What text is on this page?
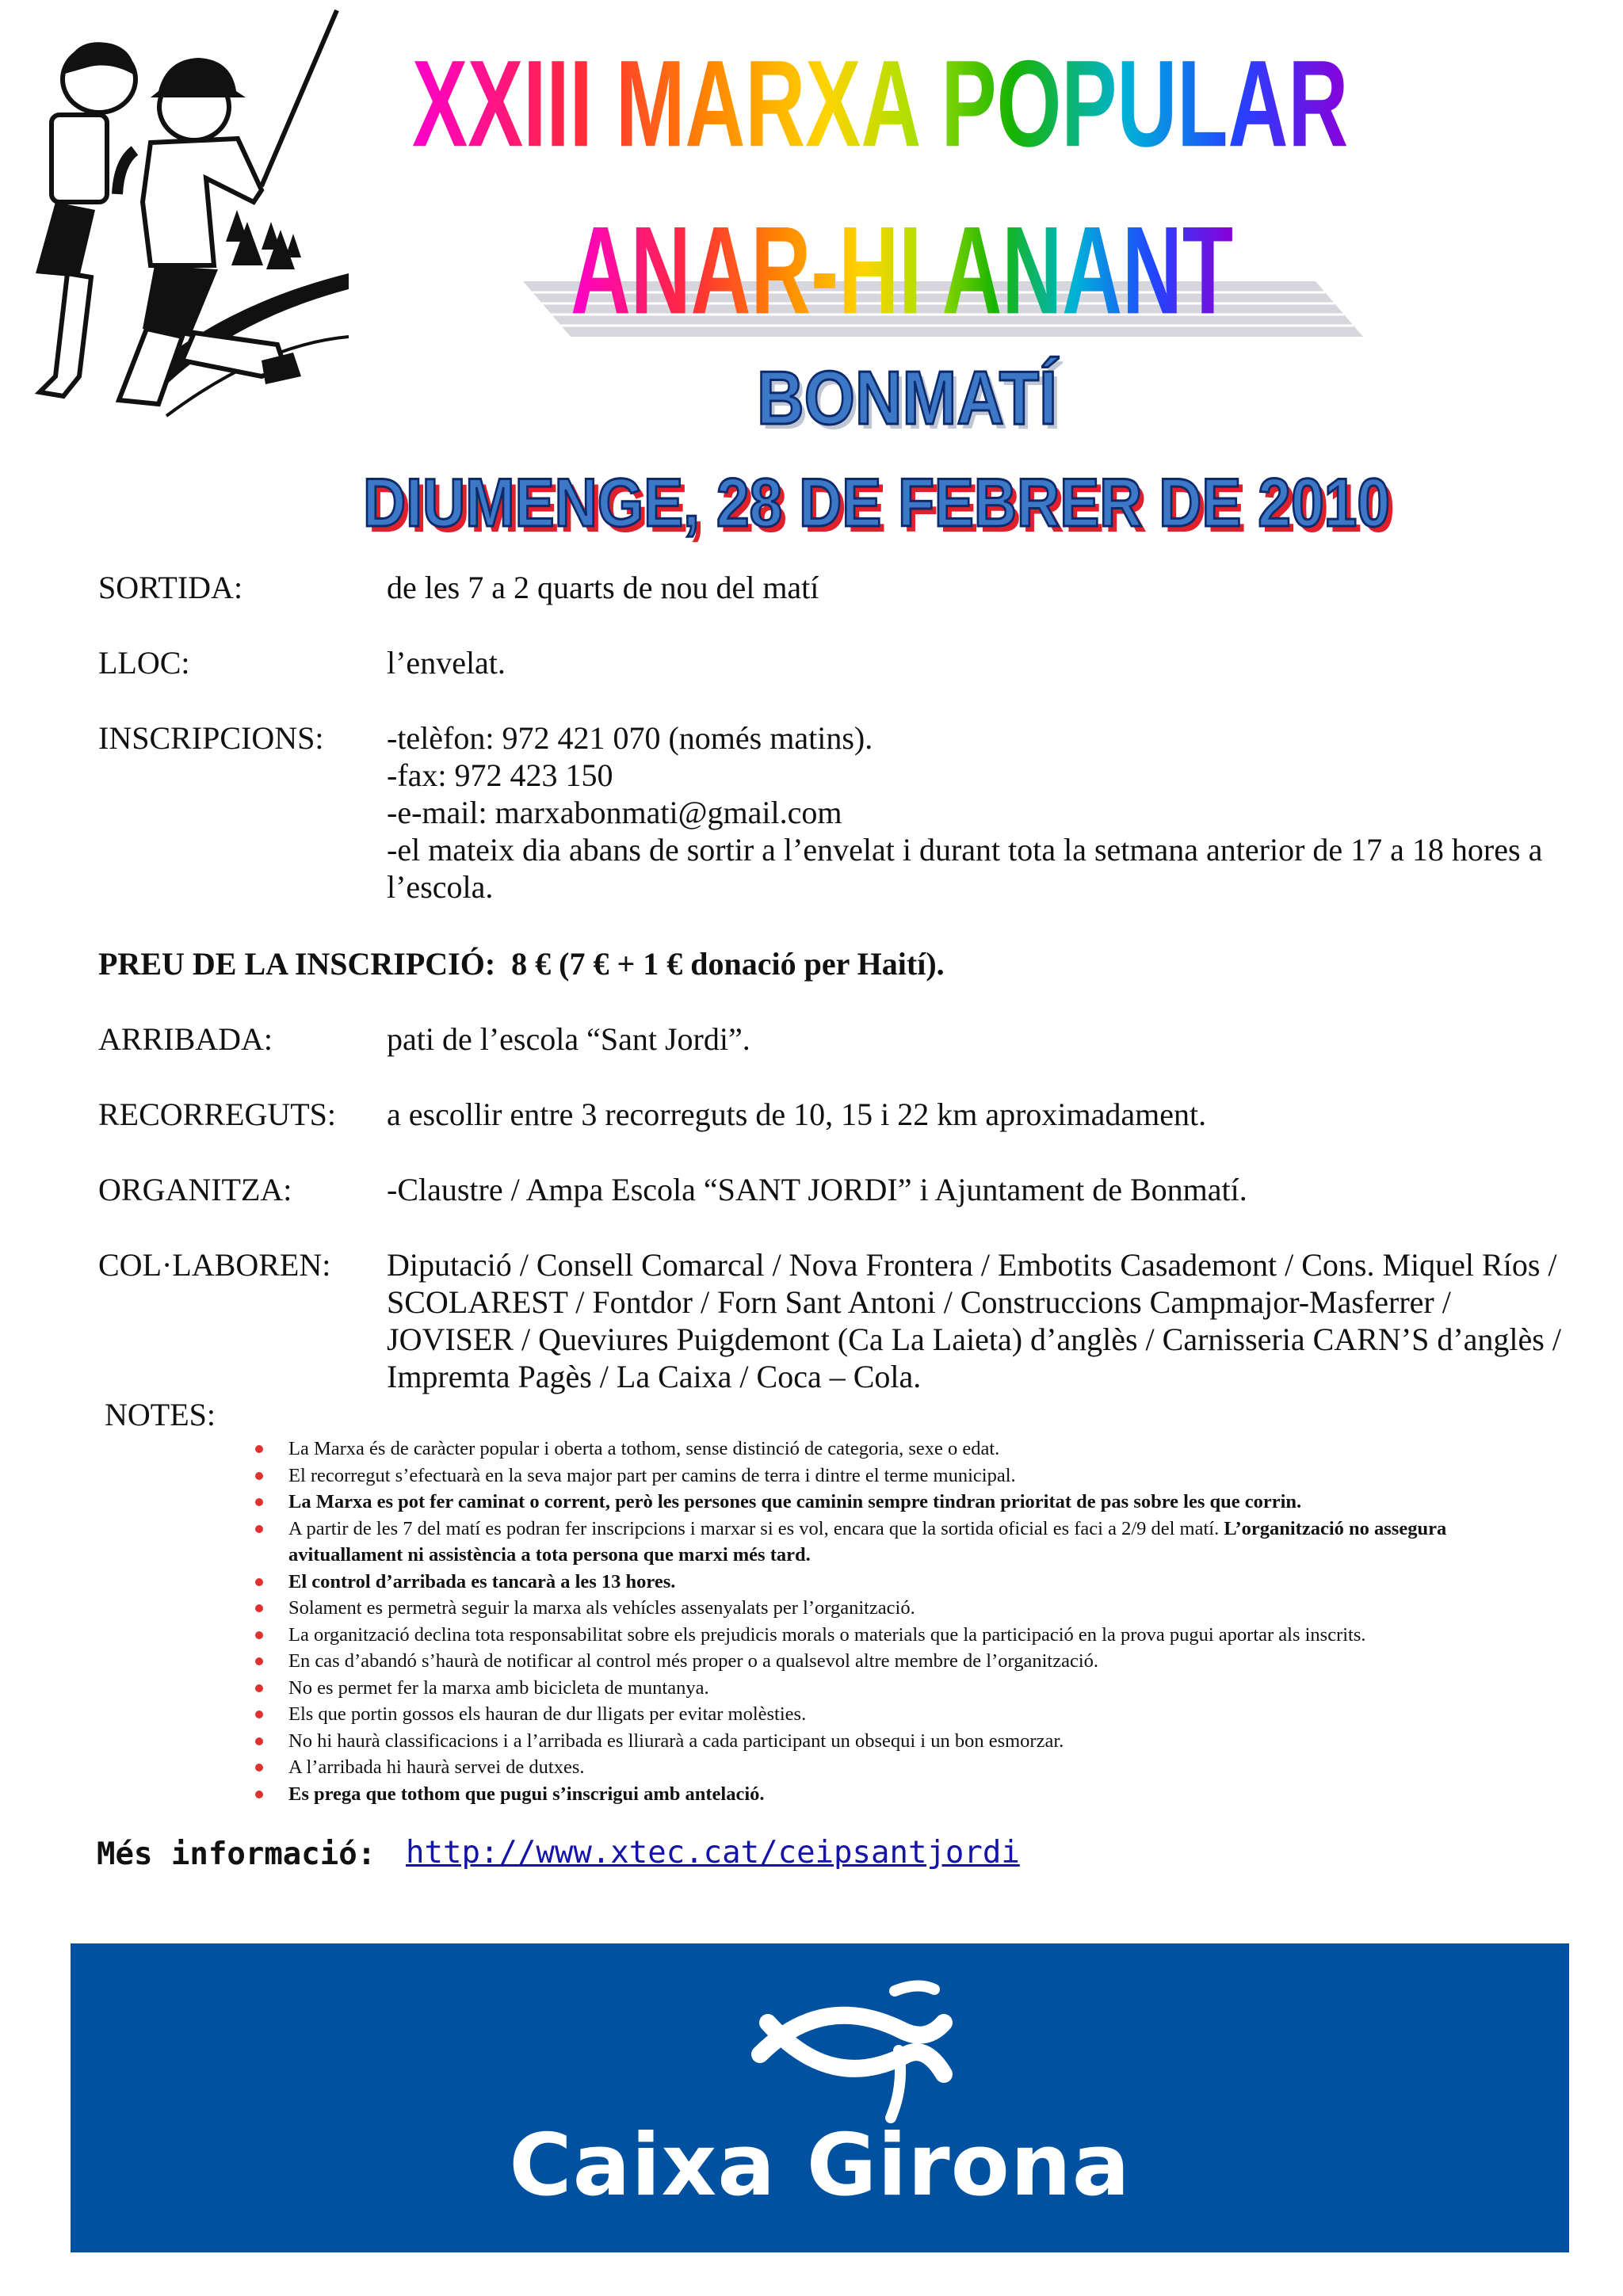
XXIII MARXA POPULAR
ANAR-HI ANANT
BONMATÍ
DIUMENGE, 28 DE FEBRER DE 2010
SORTIDA:	de les 7 a 2 quarts de nou del matí
LLOC:	l’envelat.
INSCRIPCIONS: -telèfon: 972 421 070 (només matins).
-fax: 972 423 150
-e-mail: marxabonmati@gmail.com
-el mateix dia abans de sortir a l’envelat i durant tota la setmana anterior de 17 a 18 hores a
l’escola.
PREU DE LA INSCRIPCIÓ: 8 € (7 € + 1 € donació per Haití).
ARRIBADA:	pati de l’escola “Sant Jordi”.
RECORREGUTS: a escollir entre 3 recorreguts de 10, 15 i 22 km aproximadament.
ORGANITZA:	-Claustre / Ampa Escola “SANT JORDI” i Ajuntament de Bonmatí.
COL·LABOREN: Diputació / Consell Comarcal / Nova Frontera / Embotits Casademont / Cons. Miquel Ríos /
SCOLAREST / Fontdor / Forn Sant Antoni / Construccions Campmajor-Masferrer /
JOVISER / Queviures Puigdemont (Ca La Laieta) d’anglès / Carnisseria CARN’S d’anglès /
Impremta Pagès / La Caixa / Coca – Cola.
NOTES:
La Marxa és de caràcter popular i oberta a tothom, sense distinció de categoria, sexe o edat.
El recorregut s’efectuarà en la seva major part per camins de terra i dintre el terme municipal.
La Marxa es pot fer caminat o corrent, però les persones que caminin sempre tindran prioritat de pas sobre les que corrin.
A partir de les 7 del matí es podran fer inscripcions i marxar si es vol, encara que la sortida oficial es faci a 2/9 del matí. L’organització no assegura
avituallament ni assistència a tota persona que marxi més tard.
El control d’arribada es tancarà a les 13 hores.
Solament es permetrà seguir la marxa als vehícles assenyalats per l’organització.
La organització declina tota responsabilitat sobre els prejudicis morals o materials que la participació en la prova pugui aportar als inscrits.
En cas d’abandó s’haurà de notificar al control més proper o a qualsevol altre membre de l’organització.
No es permet fer la marxa amb bicicleta de muntanya.
Els que portin gossos els hauran de dur lligats per evitar molèsties.
No hi haurà classificacions i a l’arribada es lliurarà a cada participant un obsequi i un bon esmorzar.
A l’arribada hi haurà servei de dutxes.
Es prega que tothom que pugui s’inscrigui amb antelació.
Més informació: http://www.xtec.cat/ceipsantjordi
Caixa Girona
